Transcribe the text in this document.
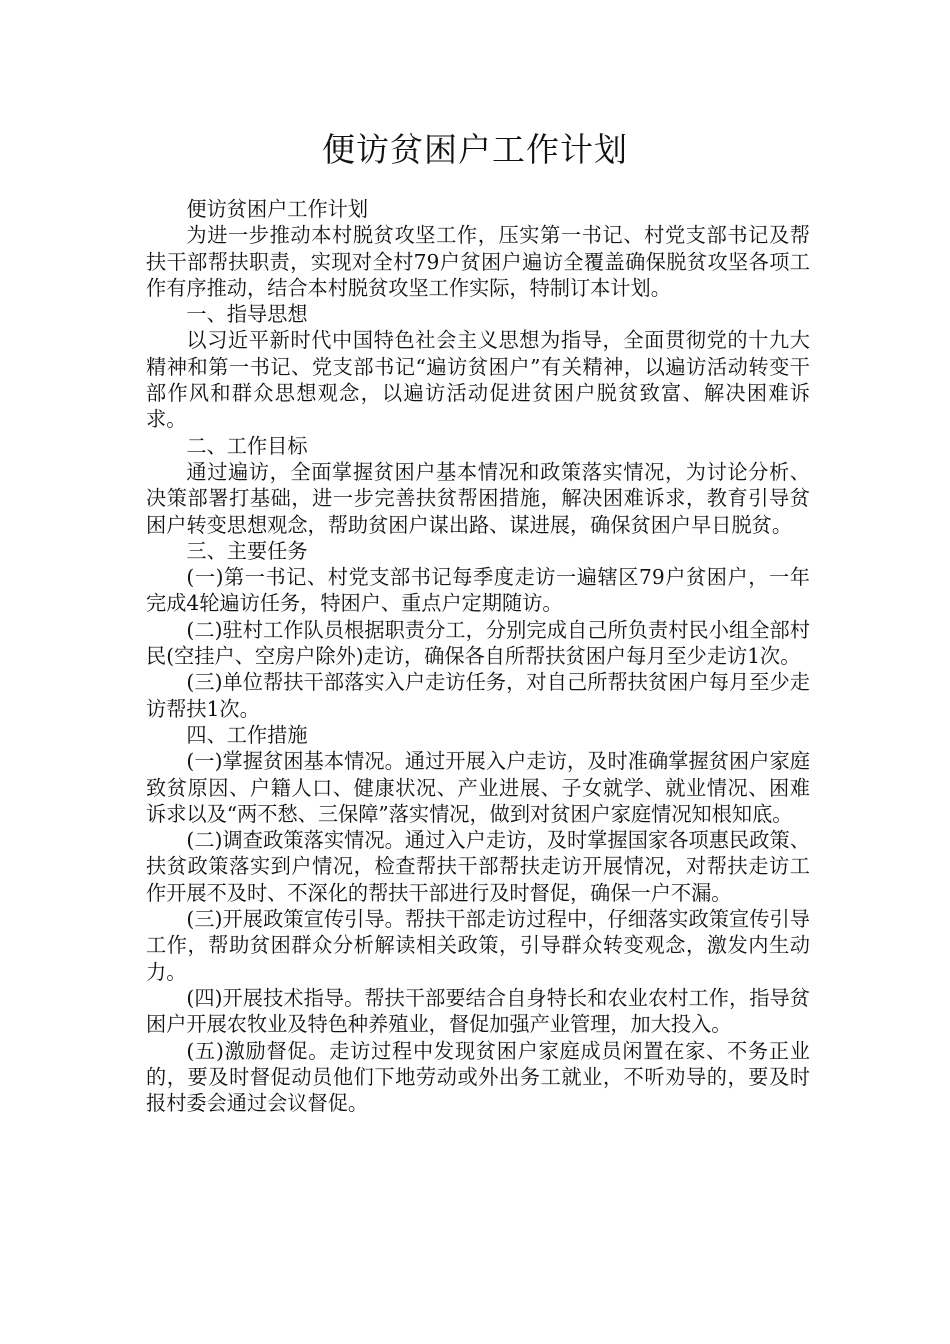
便访贫困户工作计划

便访贫困户工作计划

为进一步推动本村脱贫攻坚工作，压实第一书记、村党支部书记及帮扶干部帮扶职责，实现对全村79户贫困户遍访全覆盖确保脱贫攻坚各项工作有序推动，结合本村脱贫攻坚工作实际，特制订本计划。

一、指导思想

以习近平新时代中国特色社会主义思想为指导，全面贯彻党的十九大精神和第一书记、党支部书记“遍访贫困户”有关精神，以遍访活动转变干部作风和群众思想观念，以遍访活动促进贫困户脱贫致富、解决困难诉求。

二、工作目标

通过遍访，全面掌握贫困户基本情况和政策落实情况，为讨论分析、决策部署打基础，进一步完善扶贫帮困措施，解决困难诉求，教育引导贫困户转变思想观念，帮助贫困户谋出路、谋进展，确保贫困户早日脱贫。

三、主要任务

(一)第一书记、村党支部书记每季度走访一遍辖区79户贫困户，一年完成4轮遍访任务，特困户、重点户定期随访。

(二)驻村工作队员根据职责分工，分别完成自己所负责村民小组全部村民(空挂户、空房户除外)走访，确保各自所帮扶贫困户每月至少走访1次。

(三)单位帮扶干部落实入户走访任务，对自己所帮扶贫困户每月至少走访帮扶1次。

四、工作措施

(一)掌握贫困基本情况。通过开展入户走访，及时准确掌握贫困户家庭致贫原因、户籍人口、健康状况、产业进展、子女就学、就业情况、困难诉求以及“两不愁、三保障”落实情况，做到对贫困户家庭情况知根知底。

(二)调查政策落实情况。通过入户走访，及时掌握国家各项惠民政策、扶贫政策落实到户情况，检查帮扶干部帮扶走访开展情况，对帮扶走访工作开展不及时、不深化的帮扶干部进行及时督促，确保一户不漏。

(三)开展政策宣传引导。帮扶干部走访过程中，仔细落实政策宣传引导工作，帮助贫困群众分析解读相关政策，引导群众转变观念，激发内生动力。

(四)开展技术指导。帮扶干部要结合自身特长和农业农村工作，指导贫困户开展农牧业及特色种养殖业，督促加强产业管理，加大投入。

(五)激励督促。走访过程中发现贫困户家庭成员闲置在家、不务正业的，要及时督促动员他们下地劳动或外出务工就业，不听劝导的，要及时报村委会通过会议督促。
